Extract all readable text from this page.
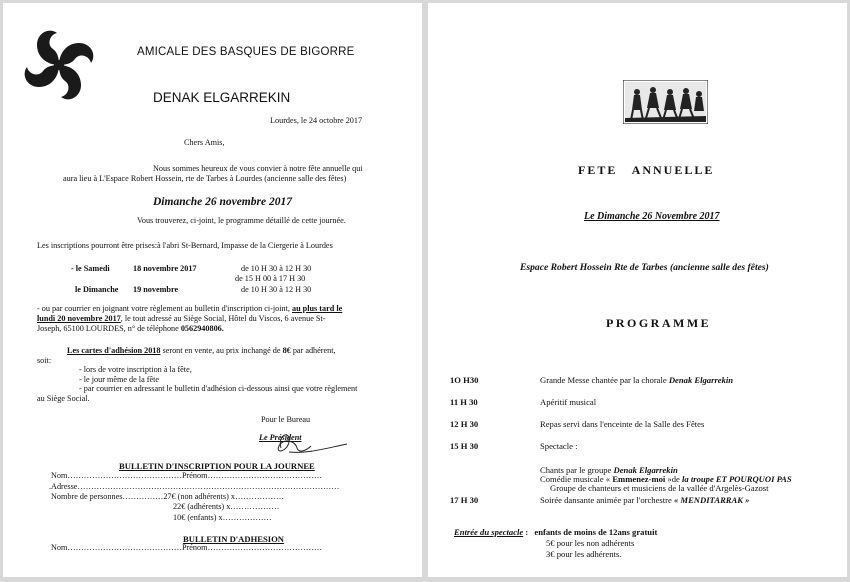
AMICALE DES BASQUES DE BIGORRE
DENAK ELGARREKIN
Lourdes, le 24 octobre 2017
Chers Amis,
Nous sommes heureux de vous convier à notre fête annuelle qui
aura lieu à L'Espace Robert Hossein, rte de Tarbes à Lourdes (ancienne salle des fêtes)
Dimanche 26 novembre 2017
Vous trouverez, ci-joint, le programme détaillé de cette journée.
Les inscriptions pourront être prises:à l'abri St-Bernard, Impasse de la Ciergerie à Lourdes
- le Samedi	18 novembre 2017	de 10 H 30 à 12 H 30
de 15 H 00 à 17 H 30
le Dimanche 19 novembre	de 10 H 30 à 12 H 30
- ou par courrier en joignant votre règlement au bulletin d'inscription ci-joint, au plus tard le
lundi 20 novembre 2017, le tout adressé au Siège Social, Hôtel du Viscos, 6 avenue St-
Joseph, 65100 LOURDES, n° de téléphone 0562940806.
Les cartes d'adhésion 2018 seront en vente, au prix inchangé de 8€ par adhérent,
soit:
- lors de votre inscription à la fête,
- le jour même de la fête
- par courrier en adressant le bulletin d'adhésion ci-dessous ainsi que votre règlement
au Siège Social.
Pour le Bureau
Le Président
BULLETIN D'INSCRIPTION POUR LA JOURNEE
Nom……………………………………Prénom……………………………………
.Adresse……………………………………………………………………………………
Nombre de personnes……………27€ (non adhérents) x………………
22€ (adhérents) x………………
10€ (enfants) x………………
BULLETIN D'ADHESION
Nom……………………………………Prénom……………………………………
FETE   ANNUELLE
Le Dimanche 26 Novembre 2017
Espace Robert Hossein Rte de Tarbes (ancienne salle des fêtes)
PROGRAMME
1O H30	Grande Messe chantée par la chorale Denak Elgarrekin
11 H 30	Apéritif musical
12 H 30	Repas servi dans l'enceinte de la Salle des Fêtes
15 H 30	Spectacle :
Chants par le groupe Denak Elgarrekin
Comédie musicale « Emmenez-moi »de la troupe ET POURQUOI PAS
Groupe de chanteurs et musiciens de la vallée d'Argelès-Gazost
17 H 30	Soirée dansante animée par l'orchestre « MENDITARRAK »
Entrée du spectacle : enfants de moins de 12ans gratuit
5€ pour les non adhérents
3€ pour les adhérents.
